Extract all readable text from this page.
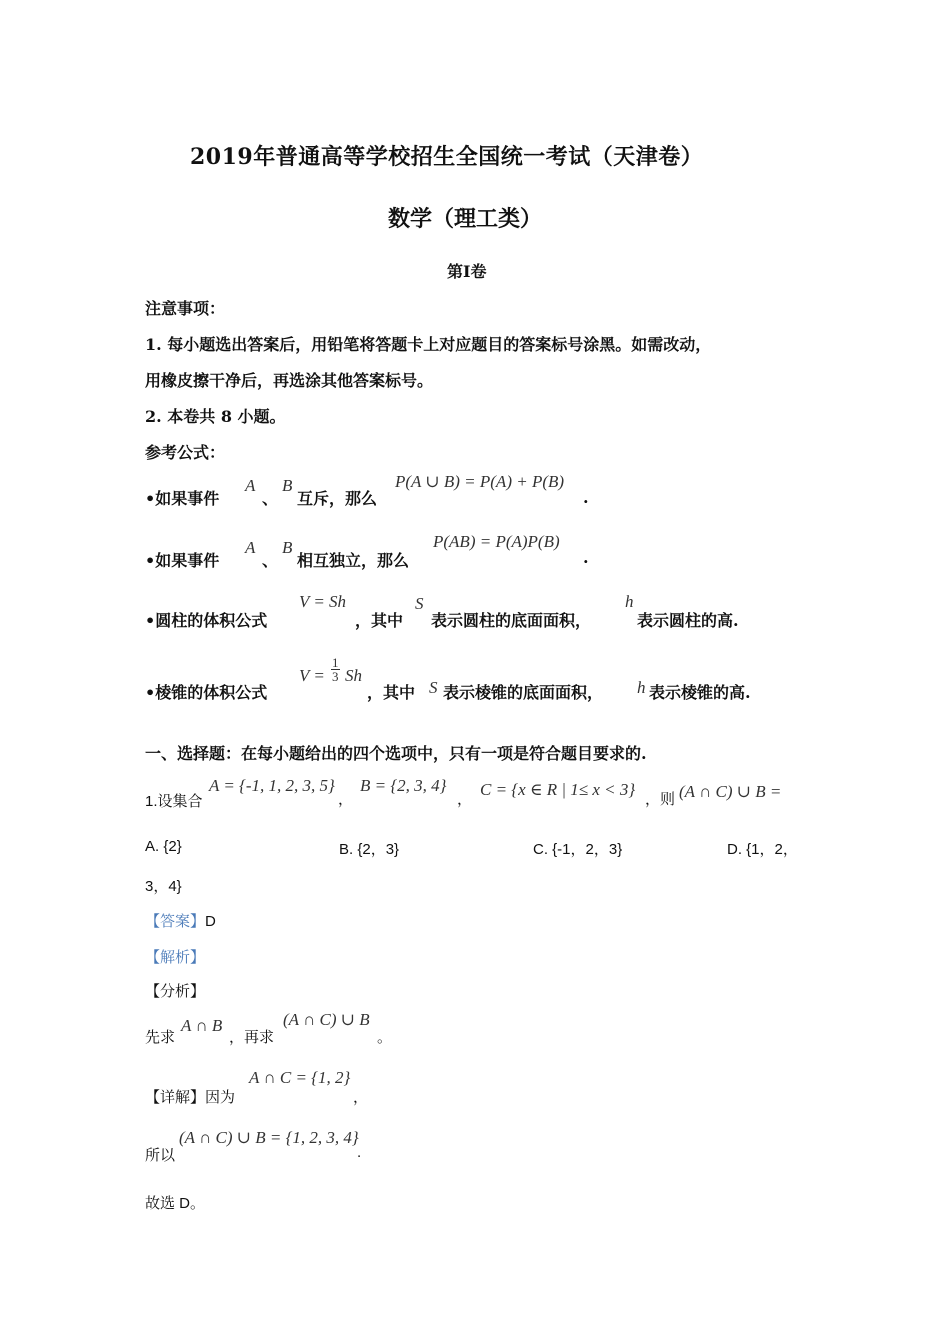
2019年普通高等学校招生全国统一考试（天津卷）
数学（理工类）
第Ⅰ卷
注意事项：
1. 每小题选出答案后，用铅笔将答题卡上对应题目的答案标号涂黑。如需改动，
用橡皮擦干净后，再选涂其他答案标号。
2. 本卷共 8 小题。
参考公式：
•如果事件
A
、
B
互斥，那么
P(A ∪ B) = P(A) + P(B)
.
•如果事件
A
、
B
相互独立，那么
P(AB) = P(A)P(B)
.
•圆柱的体积公式
V = Sh
，其中
S
表示圆柱的底面面积，
h
表示圆柱的高.
•棱锥的体积公式
$V = \frac{1}{3}$ Sh
，其中 S 表示棱锥的底面面积， h 表示棱锥的高.
一、选择题：在每小题给出的四个选项中，只有一项是符合题目要求的.
1.设集合
A = {-1, 1, 2, 3, 5}
，
B = {2, 3, 4}
，
C = {x ∈ R | 1≤ x < 3}
，则 (A ∩ C) ∪ B =
A. {2}	B. {2，3}	C. {-1，2，3}	D. {1，2，
3，4}
【答案】D
【解析】
【分析】
先求
A ∩ B
，再求
(A ∩ C) ∪ B
。
【详解】因为
A ∩ C = {1, 2}
，
所以
(A ∩ C) ∪ B = {1, 2, 3, 4}
.
故选 D。
